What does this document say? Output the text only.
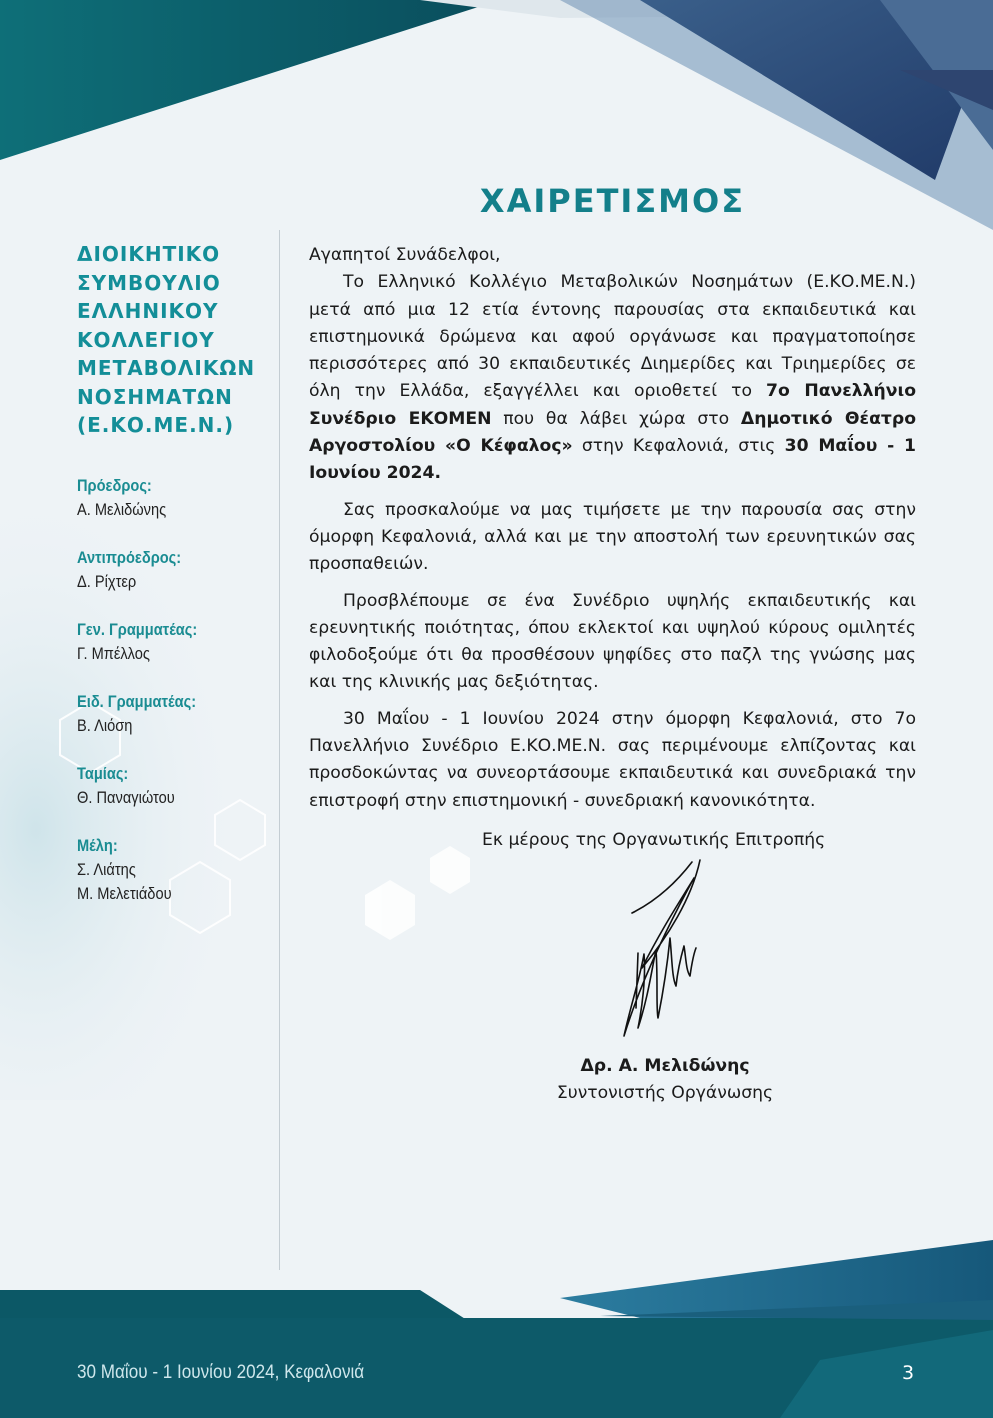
ΔΙΟΙΚΗΤΙΚΟ
ΣΥΜΒΟΥΛΙΟ
ΕΛΛΗΝΙΚΟΥ
ΚΟΛΛΕΓΙΟΥ
ΜΕΤΑΒΟΛΙΚΩΝ
ΝΟΣΗΜΑΤΩΝ
(Ε.ΚΟ.ΜΕ.Ν.)
Πρόεδρος:
Α. Μελιδώνης
Αντιπρόεδρος:
Δ. Ρίχτερ
Γεν. Γραμματέας:
Γ. Μπέλλος
Ειδ. Γραμματέας:
Β. Λιόση
Ταμίας:
Θ. Παναγιώτου
Μέλη:
Σ. Λιάτης
Μ. Μελετιάδου
ΧΑΙΡΕΤΙΣΜΟΣ

Αγαπητοί Συνάδελφοι,

Το Ελληνικό Κολλέγιο Μεταβολικών Νοσημάτων (Ε.ΚΟ.ΜΕ.Ν.) μετά από μια 12 ετία έντονης παρουσίας στα εκπαιδευτικά και επιστημονικά δρώμενα και αφού οργάνωσε και πραγματοποίησε περισσότερες από 30 εκπαιδευτικές Διημερίδες και Τριημερίδες σε όλη την Ελλάδα, εξαγγέλλει και οριοθετεί το 7ο Πανελλήνιο Συνέδριο ΕΚΟΜΕΝ που θα λάβει χώρα στο Δημοτικό Θέατρο Αργοστολίου «Ο Κέφαλος» στην Κεφαλονιά, στις 30 Μαΐου - 1 Ιουνίου 2024.

Σας προσκαλούμε να μας τιμήσετε με την παρουσία σας στην όμορφη Κεφαλονιά, αλλά και με την αποστολή των ερευνητικών σας προσπαθειών.

Προσβλέπουμε σε ένα Συνέδριο υψηλής εκπαιδευτικής και ερευνητικής ποιότητας, όπου εκλεκτοί και υψηλού κύρους ομιλητές φιλοδοξούμε ότι θα προσθέσουν ψηφίδες στο παζλ της γνώσης μας και της κλινικής μας δεξιότητας.

30 Μαΐου - 1 Ιουνίου 2024 στην όμορφη Κεφαλονιά, στο 7ο Πανελλήνιο Συνέδριο Ε.ΚΟ.ΜΕ.Ν. σας περιμένουμε ελπίζοντας και προσδοκώντας να συνεορτάσουμε εκπαιδευτικά και συνεδριακά την επιστροφή στην επιστημονική - συνεδριακή κανονικότητα.

Εκ μέρους της Οργανωτικής Επιτροπής
Δρ. Α. Μελιδώνης
Συντονιστής Οργάνωσης
30 Μαΐου - 1 Ιουνίου 2024, Κεφαλονιά	3
